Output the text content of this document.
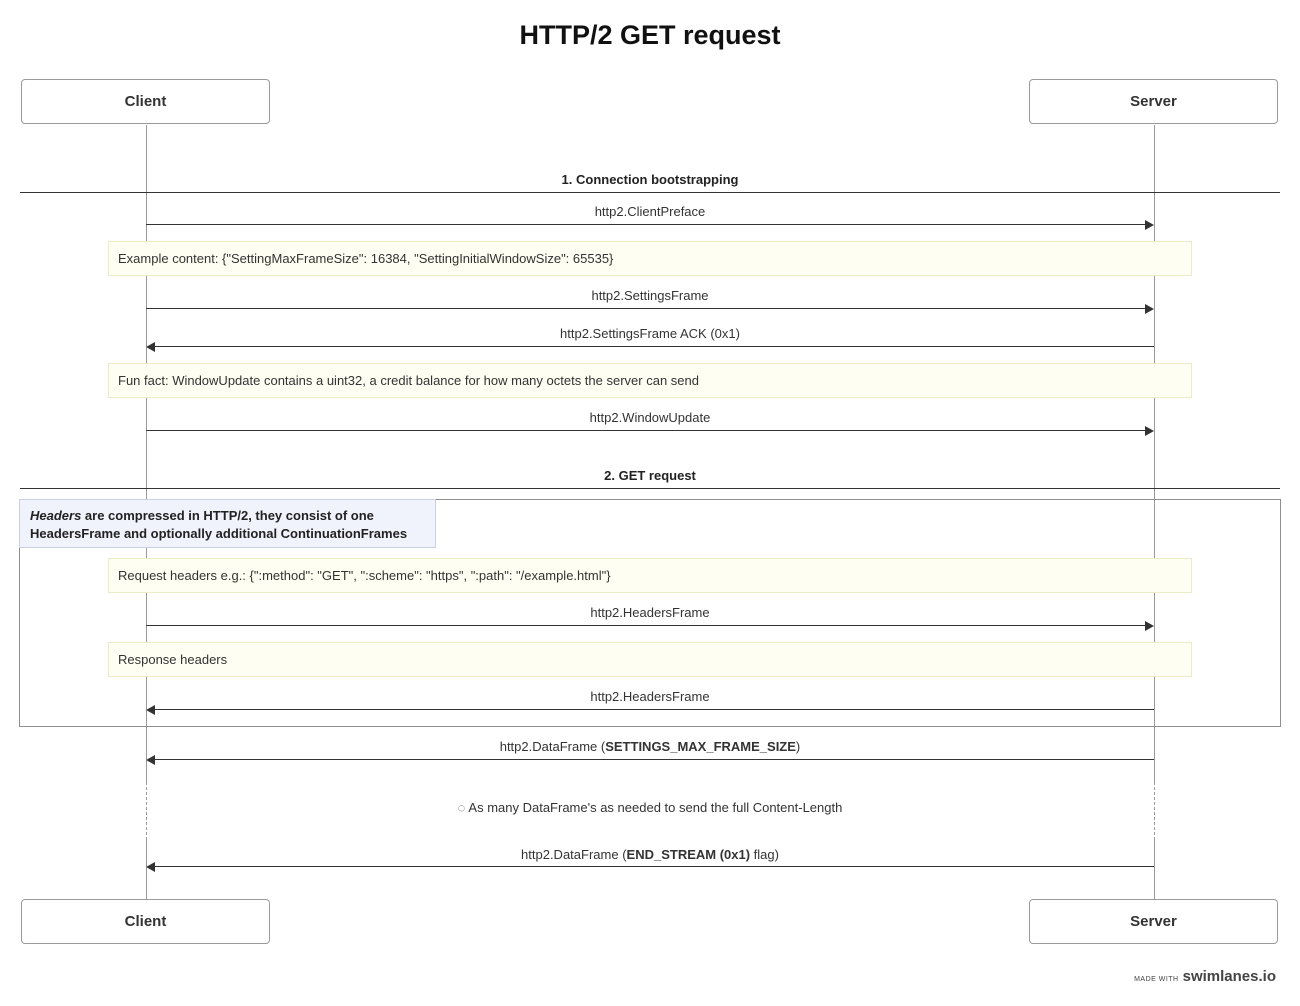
HTTP/2 GET request
Client	Server
1. Connection bootstrapping
http2.ClientPreface
Example content: {"SettingMaxFrameSize": 16384, "SettingInitialWindowSize": 65535}
http2.SettingsFrame
http2.SettingsFrame ACK (0x1)
Fun fact: WindowUpdate contains a uint32, a credit balance for how many octets the server can send
http2.WindowUpdate
2. GET request
Headers are compressed in HTTP/2, they consist of one HeadersFrame and optionally additional ContinuationFrames
Request headers e.g.: {":method": "GET", ":scheme": "https", ":path": "/example.html"}
http2.HeadersFrame
Response headers
http2.HeadersFrame
http2.DataFrame (SETTINGS_MAX_FRAME_SIZE)
◌ As many DataFrame's as needed to send the full Content-Length
http2.DataFrame (END_STREAM (0x1) flag)
Client	Server
MADE WITH swimlanes.io
